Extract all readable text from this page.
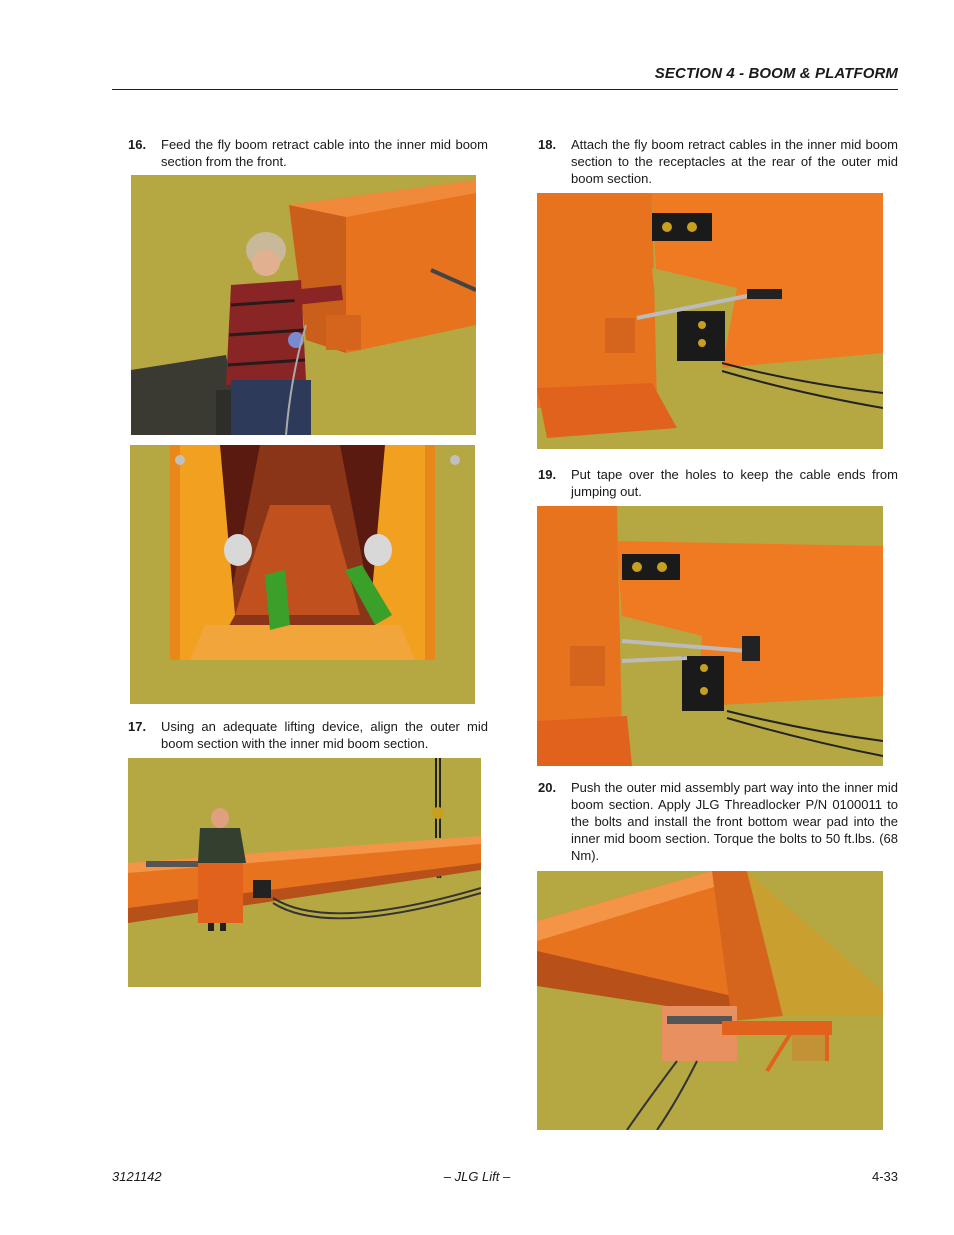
SECTION 4 - BOOM & PLATFORM
16. Feed the fly boom retract cable into the inner mid boom section from the front.
17. Using an adequate lifting device, align the outer mid boom section with the inner mid boom section.
18. Attach the fly boom retract cables in the inner mid boom section to the receptacles at the rear of the outer mid boom section.
19. Put tape over the holes to keep the cable ends from jumping out.
20. Push the outer mid assembly part way into the inner mid boom section. Apply JLG Threadlocker P/N 0100011 to the bolts and install the front bottom wear pad into the inner mid boom section. Torque the bolts to 50 ft.lbs. (68 Nm).
3121142	– JLG Lift –	4-33
